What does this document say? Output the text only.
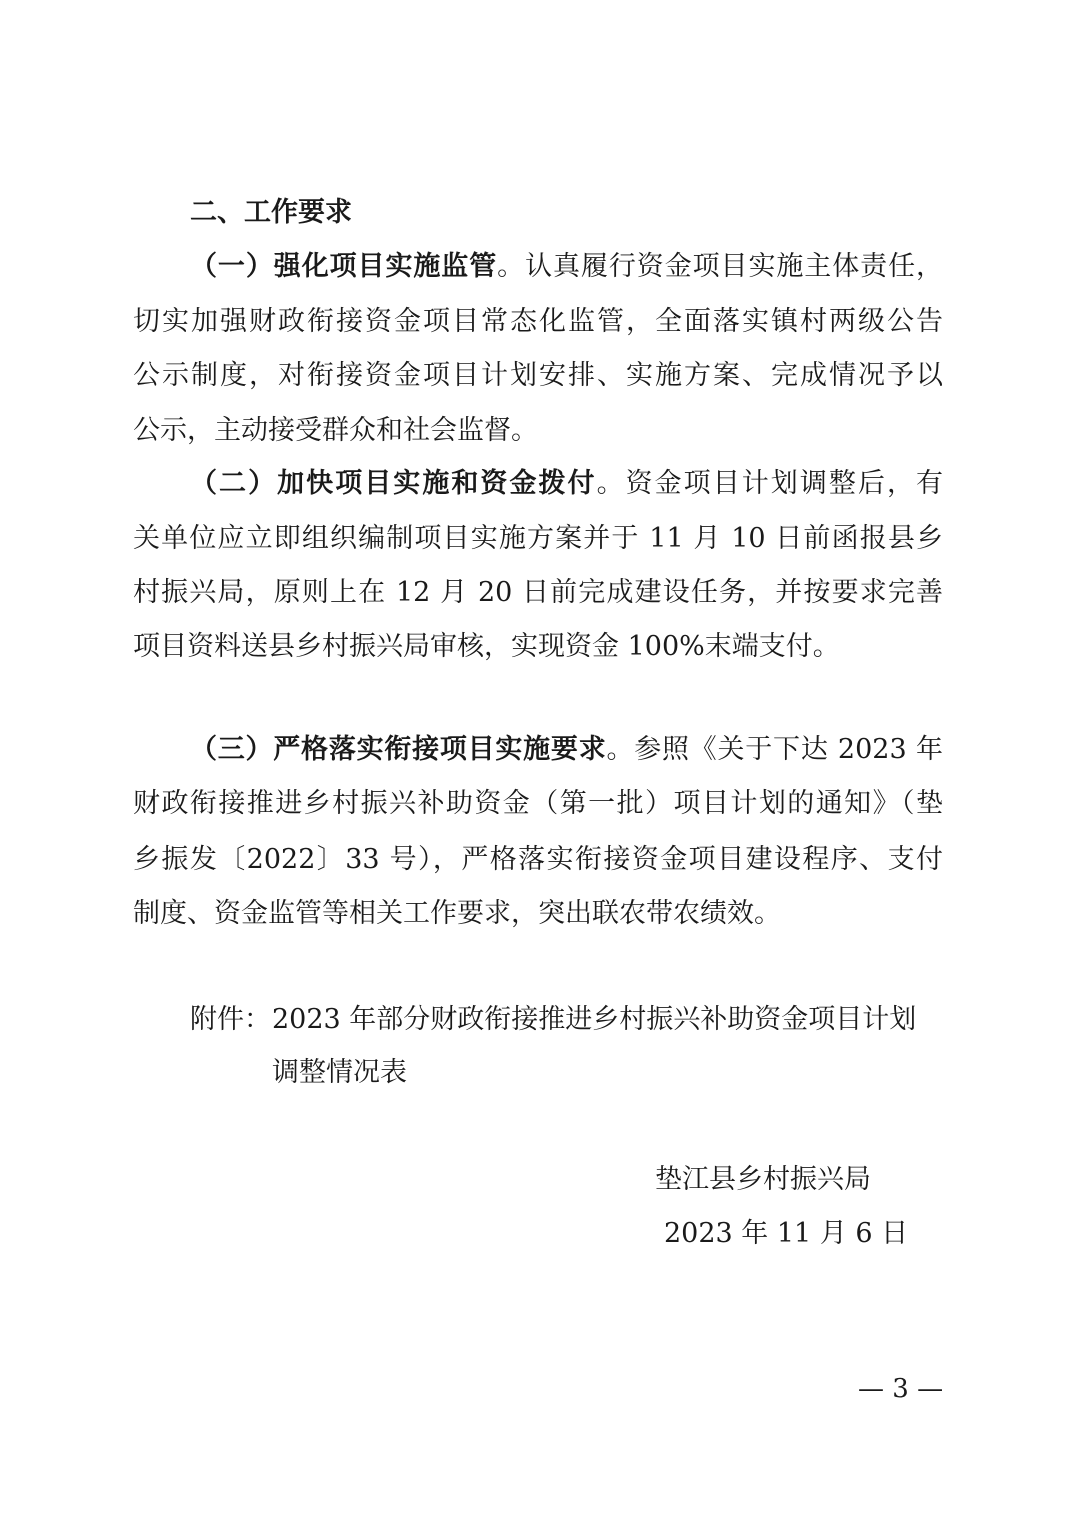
二、工作要求
（一）强化项目实施监管。认真履行资金项目实施主体责任，
切实加强财政衔接资金项目常态化监管，全面落实镇村两级公告
公示制度，对衔接资金项目计划安排、实施方案、完成情况予以
公示，主动接受群众和社会监督。
（二）加快项目实施和资金拨付。资金项目计划调整后，有
关单位应立即组织编制项目实施方案并于 11 月 10 日前函报县乡
村振兴局，原则上在 12 月 20 日前完成建设任务，并按要求完善
项目资料送县乡村振兴局审核，实现资金 100%末端支付。
（三）严格落实衔接项目实施要求。参照《关于下达 2023 年
财政衔接推进乡村振兴补助资金（第一批）项目计划的通知》（垫
乡振发〔2022〕33 号），严格落实衔接资金项目建设程序、支付
制度、资金监管等相关工作要求，突出联农带农绩效。
附件： 2023 年部分财政衔接推进乡村振兴补助资金项目计划
调整情况表
垫江县乡村振兴局
2023 年 11 月 6 日
— 3 —
